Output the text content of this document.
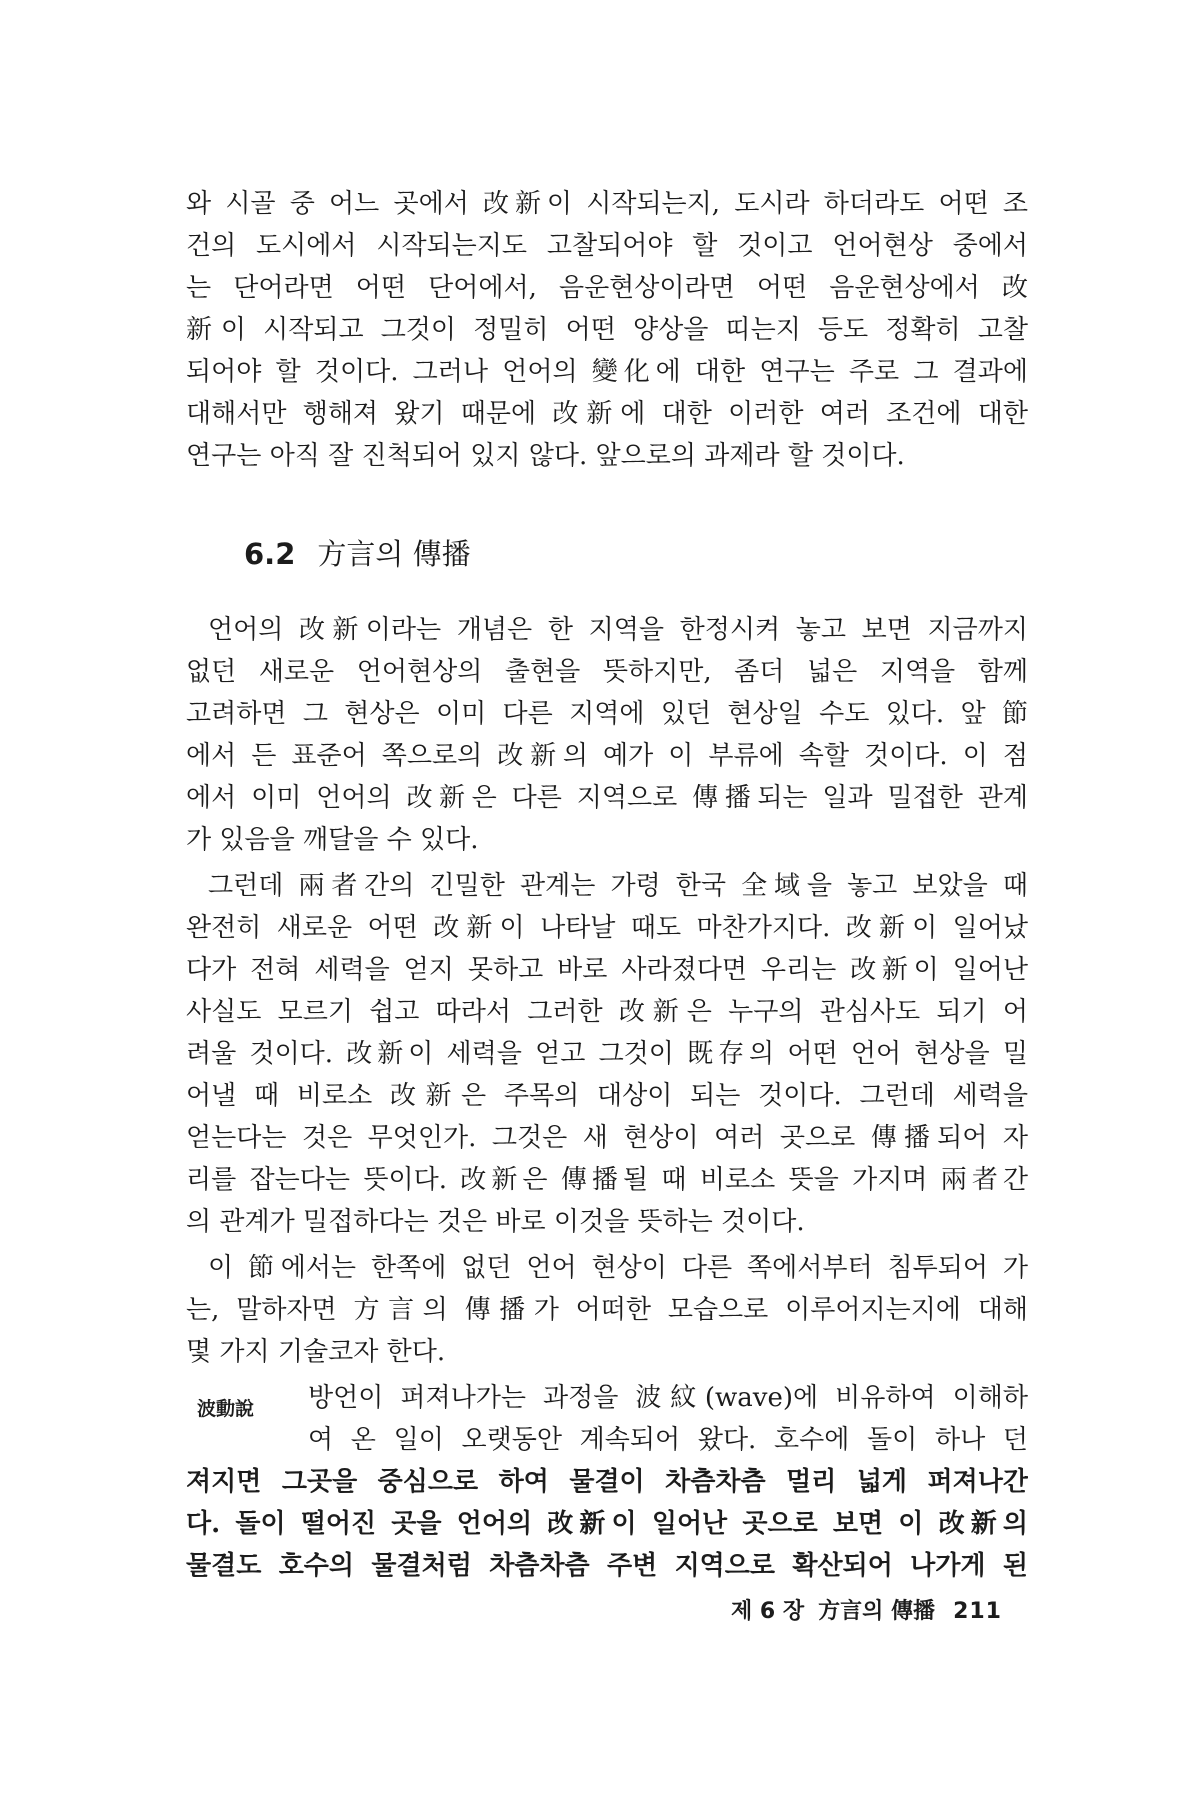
와 시골 중 어느 곳에서 改新이 시작되는지, 도시라 하더라도 어떤 조
건의 도시에서 시작되는지도 고찰되어야 할 것이고 언어현상 중에서
는 단어라면 어떤 단어에서, 음운현상이라면 어떤 음운현상에서 改
新이 시작되고 그것이 정밀히 어떤 양상을 띠는지 등도 정확히 고찰
되어야 할 것이다. 그러나 언어의 變化에 대한 연구는 주로 그 결과에
대해서만 행해져 왔기 때문에 改新에 대한 이러한 여러 조건에 대한
연구는 아직 잘 진척되어 있지 않다. 앞으로의 과제라 할 것이다.
6.2 方言의 傳播
언어의 改新이라는 개념은 한 지역을 한정시켜 놓고 보면 지금까지
없던 새로운 언어현상의 출현을 뜻하지만, 좀더 넓은 지역을 함께
고려하면 그 현상은 이미 다른 지역에 있던 현상일 수도 있다. 앞 節
에서 든 표준어 쪽으로의 改新의 예가 이 부류에 속할 것이다. 이 점
에서 이미 언어의 改新은 다른 지역으로 傳播되는 일과 밀접한 관계
가 있음을 깨달을 수 있다.
그런데 兩者간의 긴밀한 관계는 가령 한국 全域을 놓고 보았을 때
완전히 새로운 어떤 改新이 나타날 때도 마찬가지다. 改新이 일어났
다가 전혀 세력을 얻지 못하고 바로 사라졌다면 우리는 改新이 일어난
사실도 모르기 쉽고 따라서 그러한 改新은 누구의 관심사도 되기 어
려울 것이다. 改新이 세력을 얻고 그것이 既存의 어떤 언어 현상을 밀
어낼 때 비로소 改新은 주목의 대상이 되는 것이다. 그런데 세력을
얻는다는 것은 무엇인가. 그것은 새 현상이 여러 곳으로 傳播되어 자
리를 잡는다는 뜻이다. 改新은 傳播될 때 비로소 뜻을 가지며 兩者간
의 관계가 밀접하다는 것은 바로 이것을 뜻하는 것이다.
이 節에서는 한쪽에 없던 언어 현상이 다른 쪽에서부터 침투되어 가
는, 말하자면 方言의 傳播가 어떠한 모습으로 이루어지는지에 대해
몇 가지 기술코자 한다.
波動說 방언이 퍼져나가는 과정을 波紋(wave)에 비유하여 이해하
여 온 일이 오랫동안 계속되어 왔다. 호수에 돌이 하나 던
져지면 그곳을 중심으로 하여 물결이 차츰차츰 멀리 넓게 퍼져나간
다. 돌이 떨어진 곳을 언어의 改新이 일어난 곳으로 보면 이 改新의
물결도 호수의 물결처럼 차츰차츰 주변 지역으로 확산되어 나가게 된
제 6 장 方言의 傳播 211
